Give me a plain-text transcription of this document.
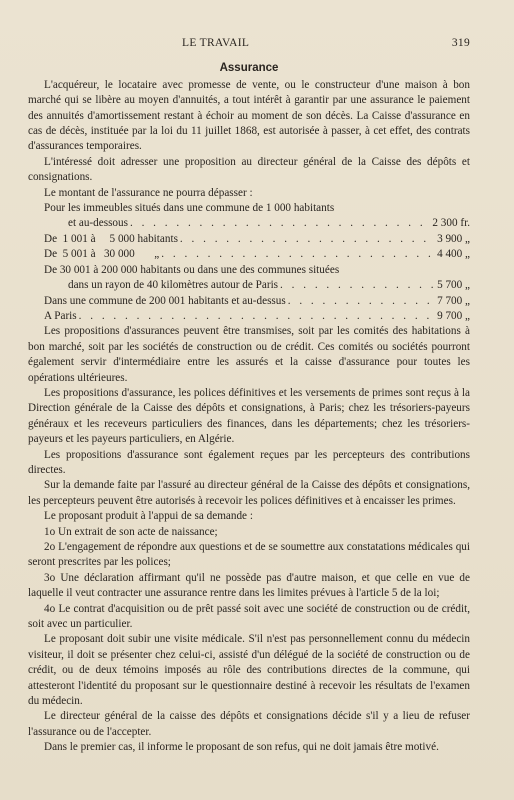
LE TRAVAIL	319
Assurance

L'acquéreur, le locataire avec promesse de vente, ou le constructeur d'une maison à bon marché qui se libère au moyen d'annuités, a tout intérêt à garantir par une assurance le paiement des annuités d'amortissement restant à échoir au moment de son décès. La Caisse d'assurance en cas de décès, instituée par la loi du 11 juillet 1868, est autorisée à passer, à cet effet, des contrats d'assurances temporaires.

L'intéressé doit adresser une proposition au directeur général de la Caisse des dépôts et consignations.

Le montant de l'assurance ne pourra dépasser :

Pour les immeubles situés dans une commune de 1 000 habitants
et au-dessous . . .	2 300 fr.
De  1 001 à     5 000 habitants . . .	3 900 „
De  5 001 à   30 000       „ . . .	4 400 „
De 30 001 à 200 000 habitants ou dans une des communes situées
dans un rayon de 40 kilomètres autour de Paris . . .	5 700 „
Dans une commune de 200 001 habitants et au-dessus . . .	7 700 „
A Paris . . .	9 700 „

Les propositions d'assurances peuvent être transmises, soit par les comités des habitations à bon marché, soit par les sociétés de construction ou de crédit. Ces comités ou sociétés pourront également servir d'intermédiaire entre les assurés et la caisse d'assurance pour toutes les opérations ultérieures.

Les propositions d'assurance, les polices définitives et les versements de primes sont reçus à la Direction générale de la Caisse des dépôts et consignations, à Paris; chez les trésoriers-payeurs généraux et les receveurs particuliers des finances, dans les départements; chez les trésoriers-payeurs et les payeurs particuliers, en Algérie.

Les propositions d'assurance sont également reçues par les percepteurs des contributions directes.

Sur la demande faite par l'assuré au directeur général de la Caisse des dépôts et consignations, les percepteurs peuvent être autorisés à recevoir les polices définitives et à encaisser les primes.

Le proposant produit à l'appui de sa demande :

1o Un extrait de son acte de naissance;

2o L'engagement de répondre aux questions et de se soumettre aux constatations médicales qui seront prescrites par les polices;

3o Une déclaration affirmant qu'il ne possède pas d'autre maison, et que celle en vue de laquelle il veut contracter une assurance rentre dans les limites prévues à l'article 5 de la loi;

4o Le contrat d'acquisition ou de prêt passé soit avec une société de construction ou de crédit, soit avec un particulier.

Le proposant doit subir une visite médicale. S'il n'est pas personnellement connu du médecin visiteur, il doit se présenter chez celui-ci, assisté d'un délégué de la société de construction ou de crédit, ou de deux témoins imposés au rôle des contributions directes de la commune, qui attesteront l'identité du proposant sur le questionnaire destiné à recevoir les résultats de l'examen du médecin.

Le directeur général de la caisse des dépôts et consignations décide s'il y a lieu de refuser l'assurance ou de l'accepter.

Dans le premier cas, il informe le proposant de son refus, qui ne doit jamais être motivé.
